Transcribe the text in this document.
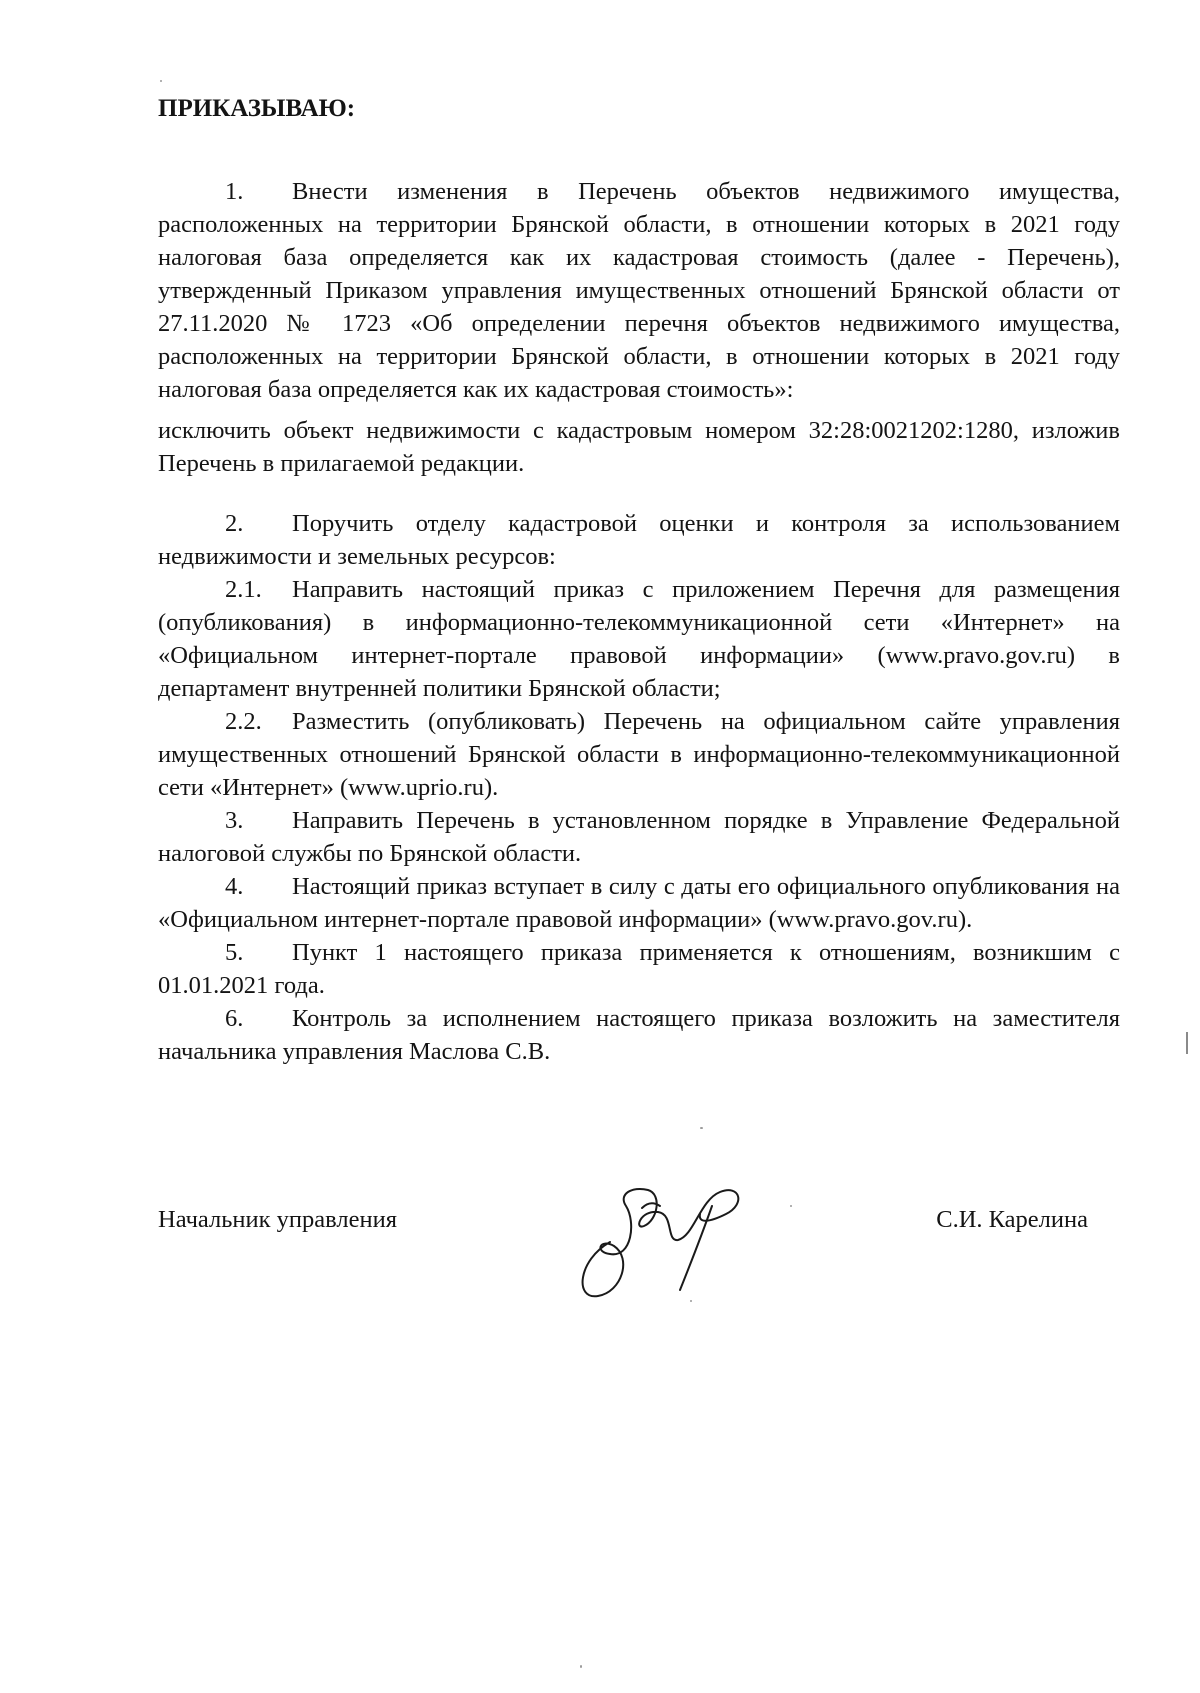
ПРИКАЗЫВАЮ:

1. Внести изменения в Перечень объектов недвижимого имущества, расположенных на территории Брянской области, в отношении которых в 2021 году налоговая база определяется как их кадастровая стоимость (далее - Перечень), утвержденный Приказом управления имущественных отношений Брянской области от 27.11.2020 № 1723 «Об определении перечня объектов недвижимого имущества, расположенных на территории Брянской области, в отношении которых в 2021 году налоговая база определяется как их кадастровая стоимость»:

исключить объект недвижимости с кадастровым номером 32:28:0021202:1280, изложив Перечень в прилагаемой редакции.

2. Поручить отделу кадастровой оценки и контроля за использованием недвижимости и земельных ресурсов:

2.1. Направить настоящий приказ с приложением Перечня для размещения (опубликования) в информационно-телекоммуникационной сети «Интернет» на «Официальном интернет-портале правовой информации» (www.pravo.gov.ru) в департамент внутренней политики Брянской области;

2.2. Разместить (опубликовать) Перечень на официальном сайте управления имущественных отношений Брянской области в информационно-телекоммуникационной сети «Интернет» (www.uprio.ru).

3. Направить Перечень в установленном порядке в Управление Федеральной налоговой службы по Брянской области.

4. Настоящий приказ вступает в силу с даты его официального опубликования на «Официальном интернет-портале правовой информации» (www.pravo.gov.ru).

5. Пункт 1 настоящего приказа применяется к отношениям, возникшим с 01.01.2021 года.

6. Контроль за исполнением настоящего приказа возложить на заместителя начальника управления Маслова С.В.

Начальник управления	С.И. Карелина
